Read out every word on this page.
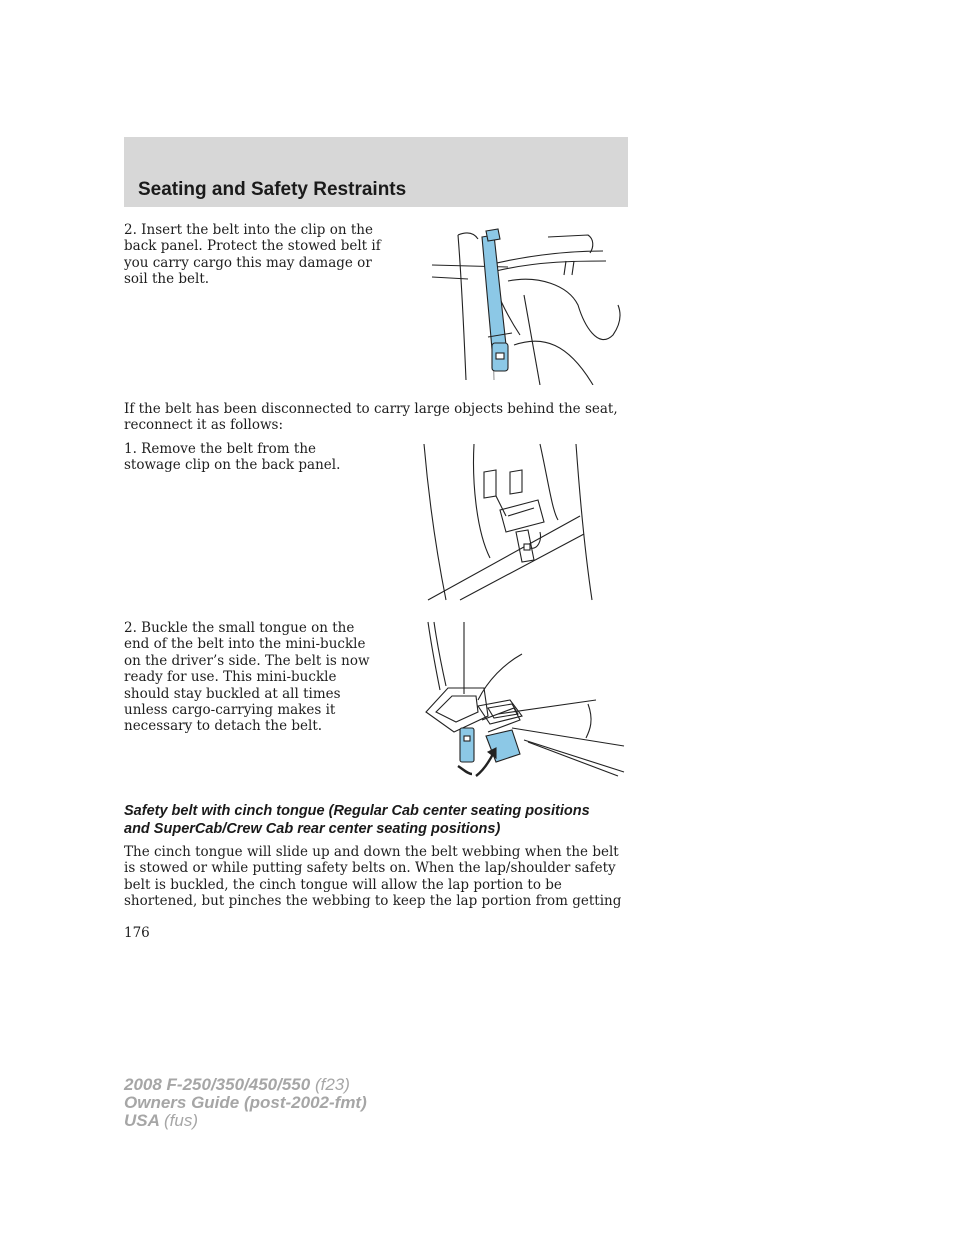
Seating and Safety Restraints

2. Insert the belt into the clip on the back panel. Protect the stowed belt if you carry cargo this may damage or soil the belt.

If the belt has been disconnected to carry large objects behind the seat, reconnect it as follows:

1. Remove the belt from the stowage clip on the back panel.

2. Buckle the small tongue on the end of the belt into the mini-buckle on the driver’s side. The belt is now ready for use. This mini-buckle should stay buckled at all times unless cargo-carrying makes it necessary to detach the belt.

Safety belt with cinch tongue (Regular Cab center seating positions and SuperCab/Crew Cab rear center seating positions)

The cinch tongue will slide up and down the belt webbing when the belt is stowed or while putting safety belts on. When the lap/shoulder safety belt is buckled, the cinch tongue will allow the lap portion to be shortened, but pinches the webbing to keep the lap portion from getting

176
2008 F-250/350/450/550 (f23)
Owners Guide (post-2002-fmt)
USA (fus)
